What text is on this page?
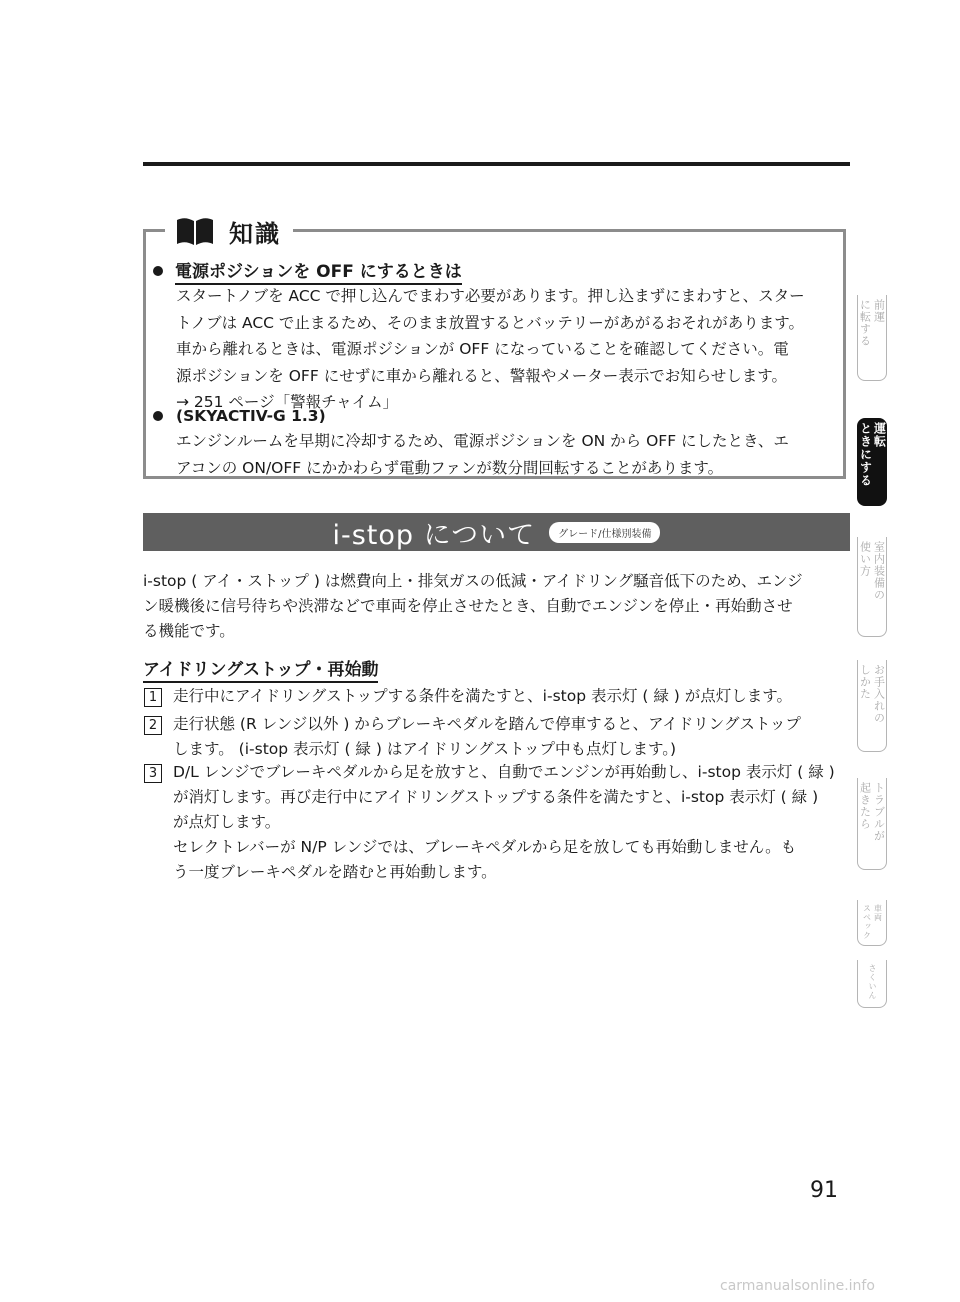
知識
電源ポジションを OFF にするときは

スタートノブを ACC で押し込んでまわす必要があります。押し込まずにまわすと、スター

トノブは ACC で止まるため、そのまま放置するとバッテリーがあがるおそれがあります。

車から離れるときは、電源ポジションが OFF になっていることを確認してください。電

源ポジションを OFF にせずに車から離れると、警報やメーター表示でお知らせします。

→ 251 ページ「警報チャイム」

(SKYACTIV-G 1.3)

エンジンルームを早期に冷却するため、電源ポジションを ON から OFF にしたとき、エ

アコンの ON/OFF にかかわらず電動ファンが数分間回転することがあります。

i-stop について	グレード/仕様別装備

i-stop ( アイ・ストップ ) は燃費向上・排気ガスの低減・アイドリング騒音低下のため、エンジ

ン暖機後に信号待ちや渋滞などで車両を停止させたとき、自動でエンジンを停止・再始動させ

る機能です。

アイドリングストップ・再始動
1	走行中にアイドリングストップする条件を満たすと、i-stop 表示灯 ( 緑 ) が点灯します。

2	走行状態 (R レンジ以外 ) からブレーキペダルを踏んで停車すると、アイドリングストップ

します。 (i-stop 表示灯 ( 緑 ) はアイドリングストップ中も点灯します。)

3	D/L レンジでブレーキペダルから足を放すと、自動でエンジンが再始動し、i-stop 表示灯 ( 緑 )

が消灯します。再び走行中にアイドリングストップする条件を満たすと、i-stop 表示灯 ( 緑 )

が点灯します。

セレクトレバーが N/P レンジでは、ブレーキペダルから足を放しても再始動しません。も

う一度ブレーキペダルを踏むと再始動します。

に転する 前運
ときにする 運転
使い方 室内装備の
しかた お手入れの
起きたら トラブルが
スペック 車両
さくいん
91
carmanualsonline.info
